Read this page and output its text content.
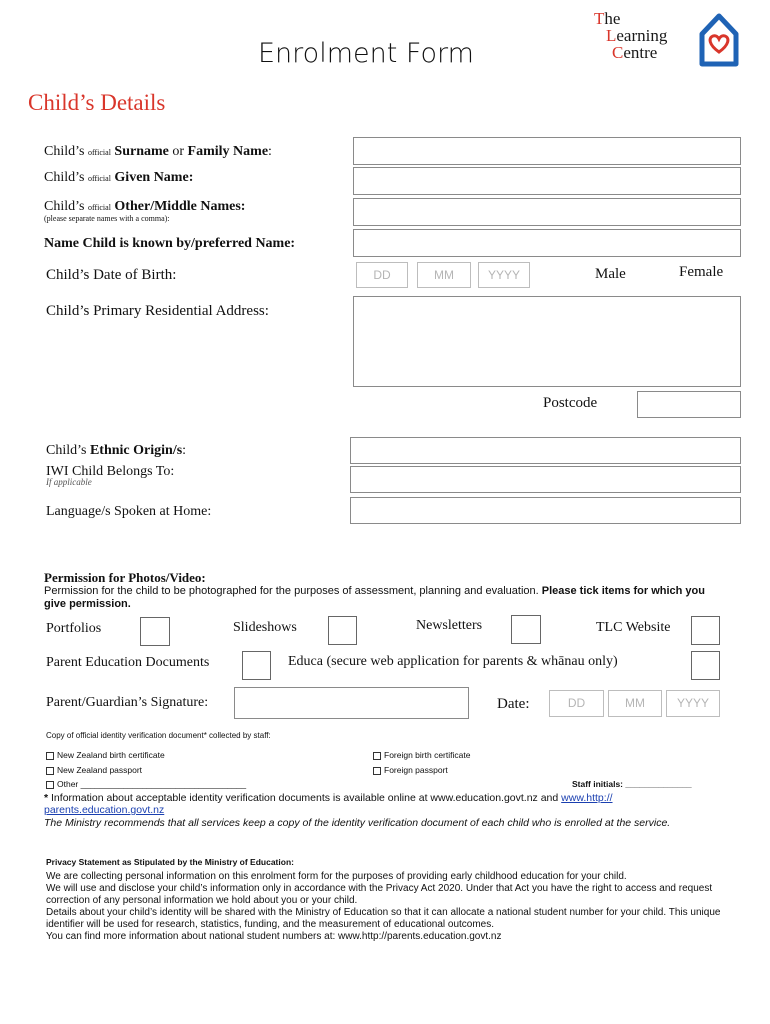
Enrolment Form
The
Learning
Centre
Child’s Details
Child’s official Surname or Family Name:
Child’s official Given Name:
Child’s official Other/Middle Names:
(please separate names with a comma):
Name Child is known by/preferred Name:
Child’s Date of Birth:	DD	MM	YYYY	Male	Female
Child’s Primary Residential Address:
Postcode
Child’s Ethnic Origin/s:
IWI Child Belongs To:
If applicable
Language/s Spoken at Home:
Permission for Photos/Video:
Permission for the child to be photographed for the purposes of assessment, planning and evaluation. Please tick items for which you give permission.
Portfolios	Slideshows	Newsletters	TLC Website
Parent Education Documents	Educa (secure web application for parents & whānau only)
Parent/Guardian’s Signature:	Date:	DD	MM	YYYY
Copy of official identity verification document* collected by staff:
New Zealand birth certificate	Foreign birth certificate
New Zealand passport	Foreign passport
Other ___________________________________	Staff initials: ______________
* Information about acceptable identity verification documents is available online at www.education.govt.nz and www.http://
parents.education.govt.nz
The Ministry recommends that all services keep a copy of the identity verification document of each child who is enrolled at the service.
Privacy Statement as Stipulated by the Ministry of Education:
We are collecting personal information on this enrolment form for the purposes of providing early childhood education for your child.
We will use and disclose your child’s information only in accordance with the Privacy Act 2020. Under that Act you have the right to access and request correction of any personal information we hold about you or your child.
Details about your child’s identity will be shared with the Ministry of Education so that it can allocate a national student number for your child. This unique identifier will be used for research, statistics, funding, and the measurement of educational outcomes.
You can find more information about national student numbers at: www.http://parents.education.govt.nz
